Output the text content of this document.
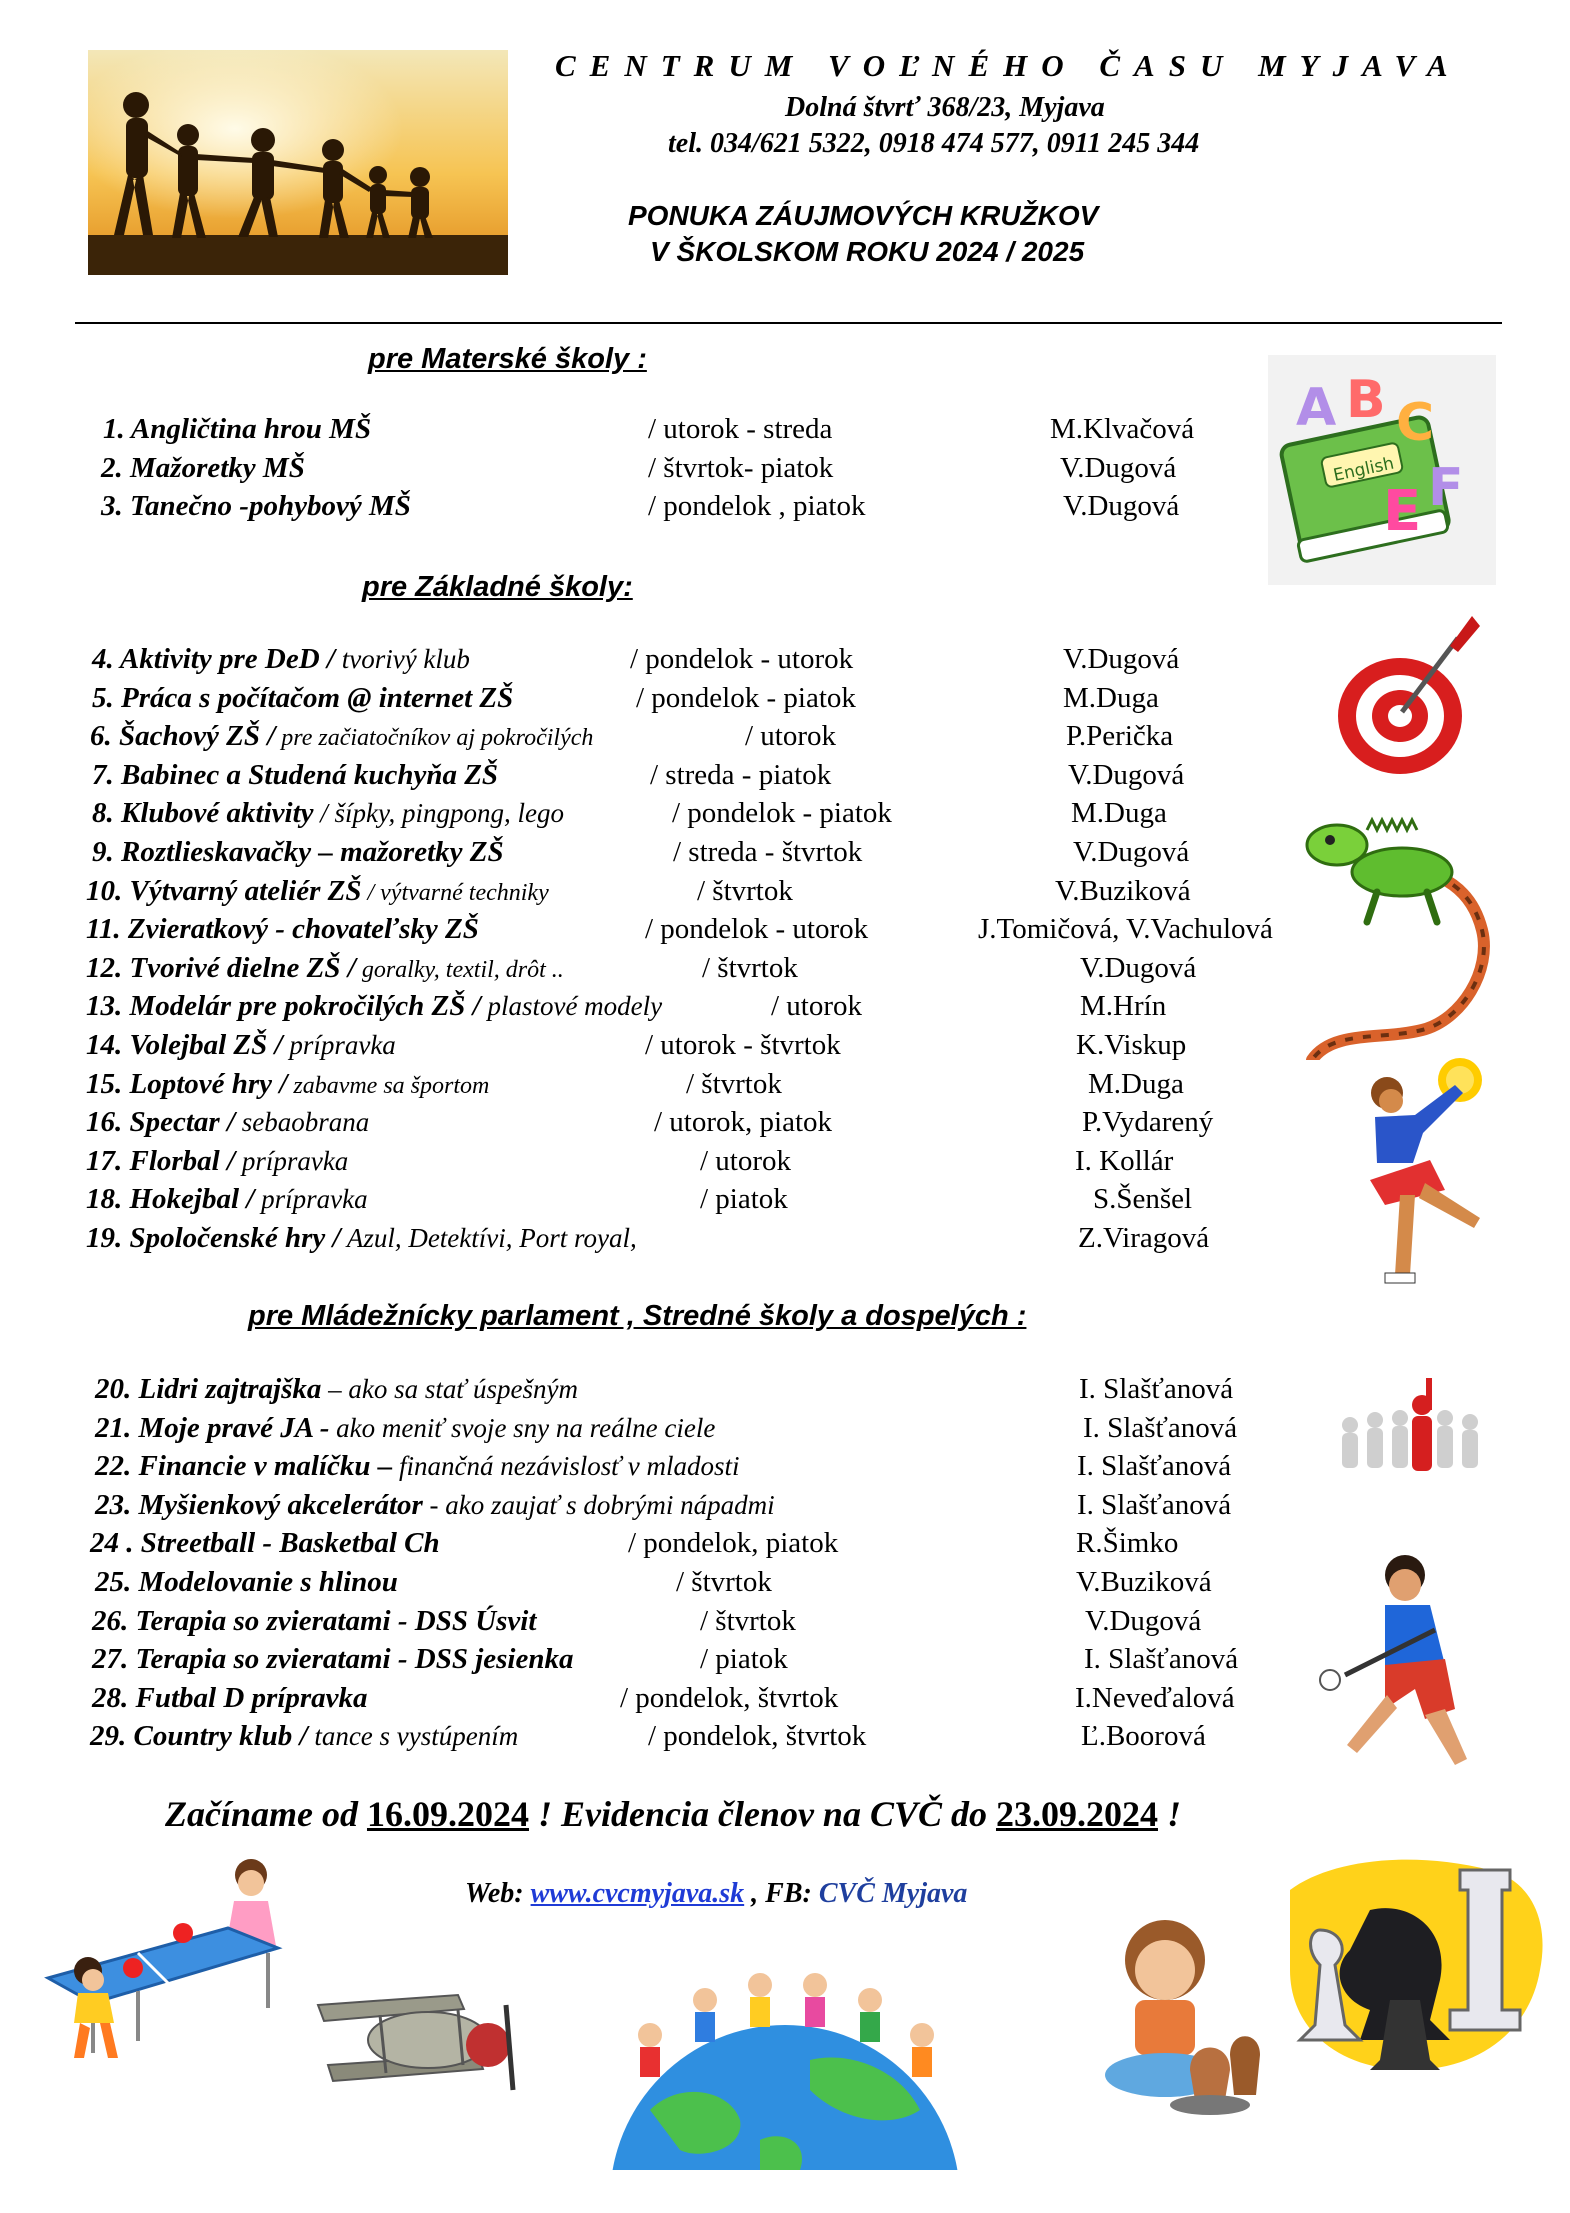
CENTRUM VOĽNÉHO ČASU MYJAVA
Dolná štvrť 368/23, Myjava
tel. 034/621 5322, 0918 474 577, 0911 245 344
PONUKA ZÁUJMOVÝCH KRUŽKOV
V ŠKOLSKOM ROKU 2024 / 2025
pre Materské školy :
1. Angličtina hrou MŠ	/ utorok - streda	M.Klvačová
2. Mažoretky MŠ	/ štvrtok- piatok	V.Dugová
3. Tanečno -pohybový MŠ	/ pondelok , piatok	V.Dugová
pre Základné školy:
4. Aktivity pre DeD / tvorivý klub	/ pondelok - utorok	V.Dugová
5. Práca s počítačom @ internet ZŠ	/ pondelok - piatok	M.Duga
6. Šachový ZŠ / pre začiatočníkov aj pokročilých	/ utorok	P.Perička
7. Babinec a Studená kuchyňa ZŠ	/ streda - piatok	V.Dugová
8. Klubové aktivity / šípky, pingpong, lego	/ pondelok - piatok	M.Duga
9. Roztlieskavačky – mažoretky ZŠ	/ streda - štvrtok	V.Dugová
10. Výtvarný ateliér ZŠ / výtvarné techniky	/ štvrtok	V.Buziková
11. Zvieratkový - chovateľsky ZŠ	/ pondelok - utorok	J.Tomičová, V.Vachulová
12. Tvorivé dielne ZŠ / goralky, textil, drôt ..	/ štvrtok	V.Dugová
13. Modelár pre pokročilých ZŠ / plastové modely	/ utorok	M.Hrín
14. Volejbal ZŠ / prípravka	/ utorok - štvrtok	K.Viskup
15. Loptové hry / zabavme sa športom	/ štvrtok	M.Duga
16. Spectar / sebaobrana	/ utorok, piatok	P.Vydarený
17. Florbal / prípravka	/ utorok	I. Kollár
18. Hokejbal / prípravka	/ piatok	S.Šenšel
19. Spoločenské hry / Azul, Detektívi, Port royal,	Z.Viragová
pre Mládežnícky parlament , Stredné školy a dospelých :
20. Lidri zajtrajška – ako sa stať úspešným	I. Slašťanová
21. Moje pravé JA - ako meniť svoje sny na reálne ciele	I. Slašťanová
22. Financie v malíčku – finančná nezávislosť v mladosti	I. Slašťanová
23. Myšienkový akcelerátor - ako zaujať s dobrými nápadmi	I. Slašťanová
24 . Streetball - Basketbal Ch	/ pondelok, piatok	R.Šimko
25. Modelovanie s hlinou	/ štvrtok	V.Buziková
26. Terapia so zvieratami - DSS Úsvit	/ štvrtok	V.Dugová
27. Terapia so zvieratami - DSS jesienka	/ piatok	I. Slašťanová
28. Futbal D prípravka	/ pondelok, štvrtok	I.Neveďalová
29. Country klub / tance s vystúpením	/ pondelok, štvrtok	Ľ.Boorová
Začíname od 16.09.2024 ! Evidencia členov na CVČ do 23.09.2024 !
Web: www.cvcmyjava.sk , FB: CVČ Myjava
English
A B C
E F
